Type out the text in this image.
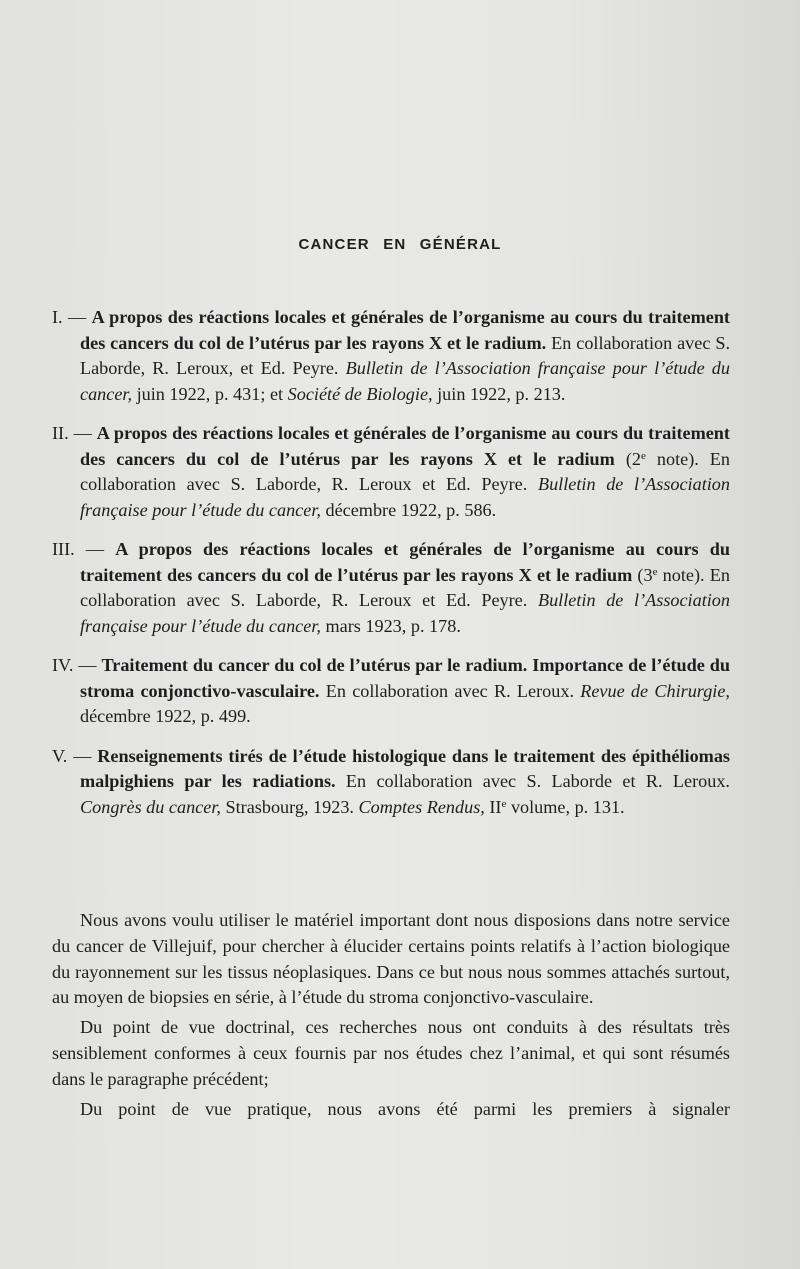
CANCER EN GÉNÉRAL

I. — A propos des réactions locales et générales de l’organisme au cours du traitement des cancers du col de l’utérus par les rayons X et le radium. En collaboration avec S. Laborde, R. Leroux, et Ed. Peyre. Bulletin de l’Association française pour l’étude du cancer, juin 1922, p. 431; et Société de Biologie, juin 1922, p. 213.

II. — A propos des réactions locales et générales de l’organisme au cours du traitement des cancers du col de l’utérus par les rayons X et le radium (2e note). En collaboration avec S. Laborde, R. Leroux et Ed. Peyre. Bulletin de l’Association française pour l’étude du cancer, décembre 1922, p. 586.

III. — A propos des réactions locales et générales de l’organisme au cours du traitement des cancers du col de l’utérus par les rayons X et le radium (3e note). En collaboration avec S. Laborde, R. Leroux et Ed. Peyre. Bulletin de l’Association française pour l’étude du cancer, mars 1923, p. 178.

IV. — Traitement du cancer du col de l’utérus par le radium. Importance de l’étude du stroma conjonctivo-vasculaire. En collaboration avec R. Leroux. Revue de Chirurgie, décembre 1922, p. 499.

V. — Renseignements tirés de l’étude histologique dans le traitement des épithéliomas malpighiens par les radiations. En collaboration avec S. Laborde et R. Leroux. Congrès du cancer, Strasbourg, 1923. Comptes Rendus, IIe volume, p. 131.

Nous avons voulu utiliser le matériel important dont nous disposions dans notre service du cancer de Villejuif, pour chercher à élucider certains points relatifs à l’action biologique du rayonnement sur les tissus néoplasiques. Dans ce but nous nous sommes attachés surtout, au moyen de biopsies en série, à l’étude du stroma conjonctivo-vasculaire.

Du point de vue doctrinal, ces recherches nous ont conduits à des résultats très sensiblement conformes à ceux fournis par nos études chez l’animal, et qui sont résumés dans le paragraphe précédent;

Du point de vue pratique, nous avons été parmi les premiers à signaler
